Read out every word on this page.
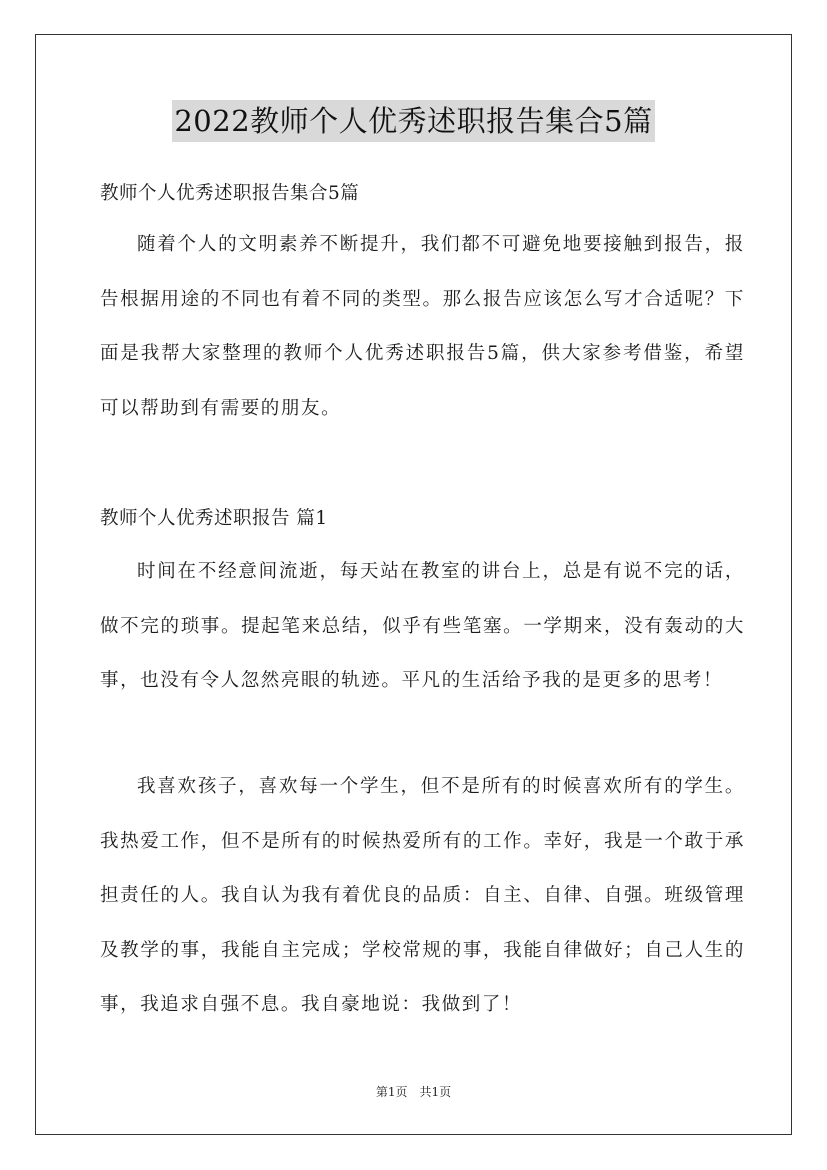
2022教师个人优秀述职报告集合5篇
教师个人优秀述职报告集合5篇

随着个人的文明素养不断提升，我们都不可避免地要接触到报告，报告根据用途的不同也有着不同的类型。那么报告应该怎么写才合适呢？下面是我帮大家整理的教师个人优秀述职报告5篇，供大家参考借鉴，希望可以帮助到有需要的朋友。

教师个人优秀述职报告 篇1

时间在不经意间流逝，每天站在教室的讲台上，总是有说不完的话，做不完的琐事。提起笔来总结，似乎有些笔塞。一学期来，没有轰动的大事，也没有令人忽然亮眼的轨迹。平凡的生活给予我的是更多的思考！

我喜欢孩子，喜欢每一个学生，但不是所有的时候喜欢所有的学生。我热爱工作，但不是所有的时候热爱所有的工作。幸好，我是一个敢于承担责任的人。我自认为我有着优良的品质：自主、自律、自强。班级管理及教学的事，我能自主完成；学校常规的事，我能自律做好；自己人生的事，我追求自强不息。我自豪地说：我做到了！

第1页 共1页
